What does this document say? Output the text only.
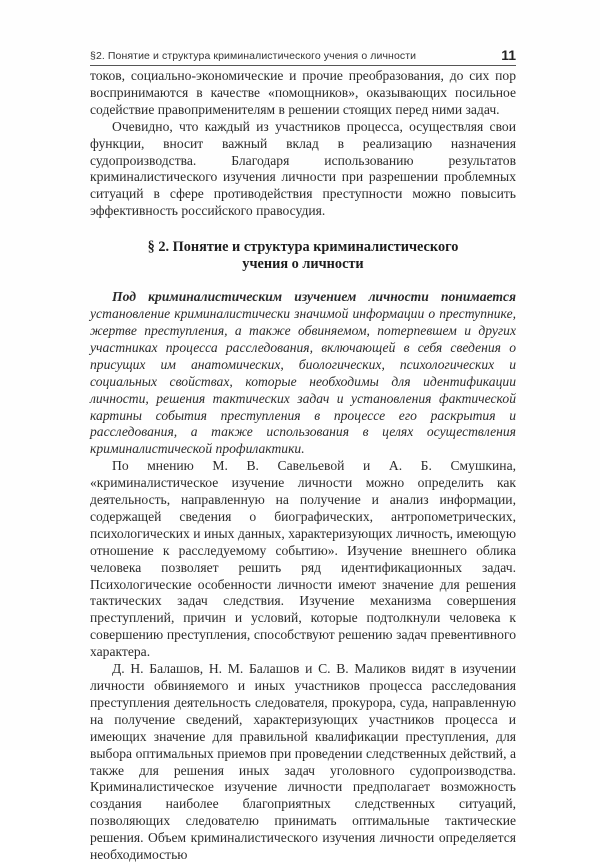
§2. Понятие и структура криминалистического учения о личности	11

токов, социально-экономические и прочие преобразования, до сих пор воспринимаются в качестве «помощников», оказывающих посильное содействие правоприменителям в решении стоящих перед ними задач.

Очевидно, что каждый из участников процесса, осуществляя свои функции, вносит важный вклад в реализацию назначения судопроизводства. Благодаря использованию результатов криминалистического изучения личности при разрешении проблемных ситуаций в сфере противодействия преступности можно повысить эффективность российского правосудия.

§ 2. Понятие и структура криминалистического
учения о личности

Под криминалистическим изучением личности понимается установление криминалистически значимой информации о преступнике, жертве преступления, а также обвиняемом, потерпевшем и других участниках процесса расследования, включающей в себя сведения о присущих им анатомических, биологических, психологических и социальных свойствах, которые необходимы для идентификации личности, решения тактических задач и установления фактической картины события преступления в процессе его раскрытия и расследования, а также использования в целях осуществления криминалистической профилактики.

По мнению М. В. Савельевой и А. Б. Смушкина, «криминалистическое изучение личности можно определить как деятельность, направленную на получение и анализ информации, содержащей сведения о биографических, антропометрических, психологических и иных данных, характеризующих личность, имеющую отношение к расследуемому событию». Изучение внешнего облика человека позволяет решить ряд идентификационных задач. Психологические особенности личности имеют значение для решения тактических задач следствия. Изучение механизма совершения преступлений, причин и условий, которые подтолкнули человека к совершению преступления, способствуют решению задач превентивного характера.

Д. Н. Балашов, Н. М. Балашов и С. В. Маликов видят в изучении личности обвиняемого и иных участников процесса расследования преступления деятельность следователя, прокурора, суда, направленную на получение сведений, характеризующих участников процесса и имеющих значение для правильной квалификации преступления, для выбора оптимальных приемов при проведении следственных действий, а также для решения иных задач уголовного судопроизводства. Криминалистическое изучение личности предполагает возможность создания наиболее благоприятных следственных ситуаций, позволяющих следователю принимать оптимальные тактические решения. Объем криминалистического изучения личности определяется необходимостью
